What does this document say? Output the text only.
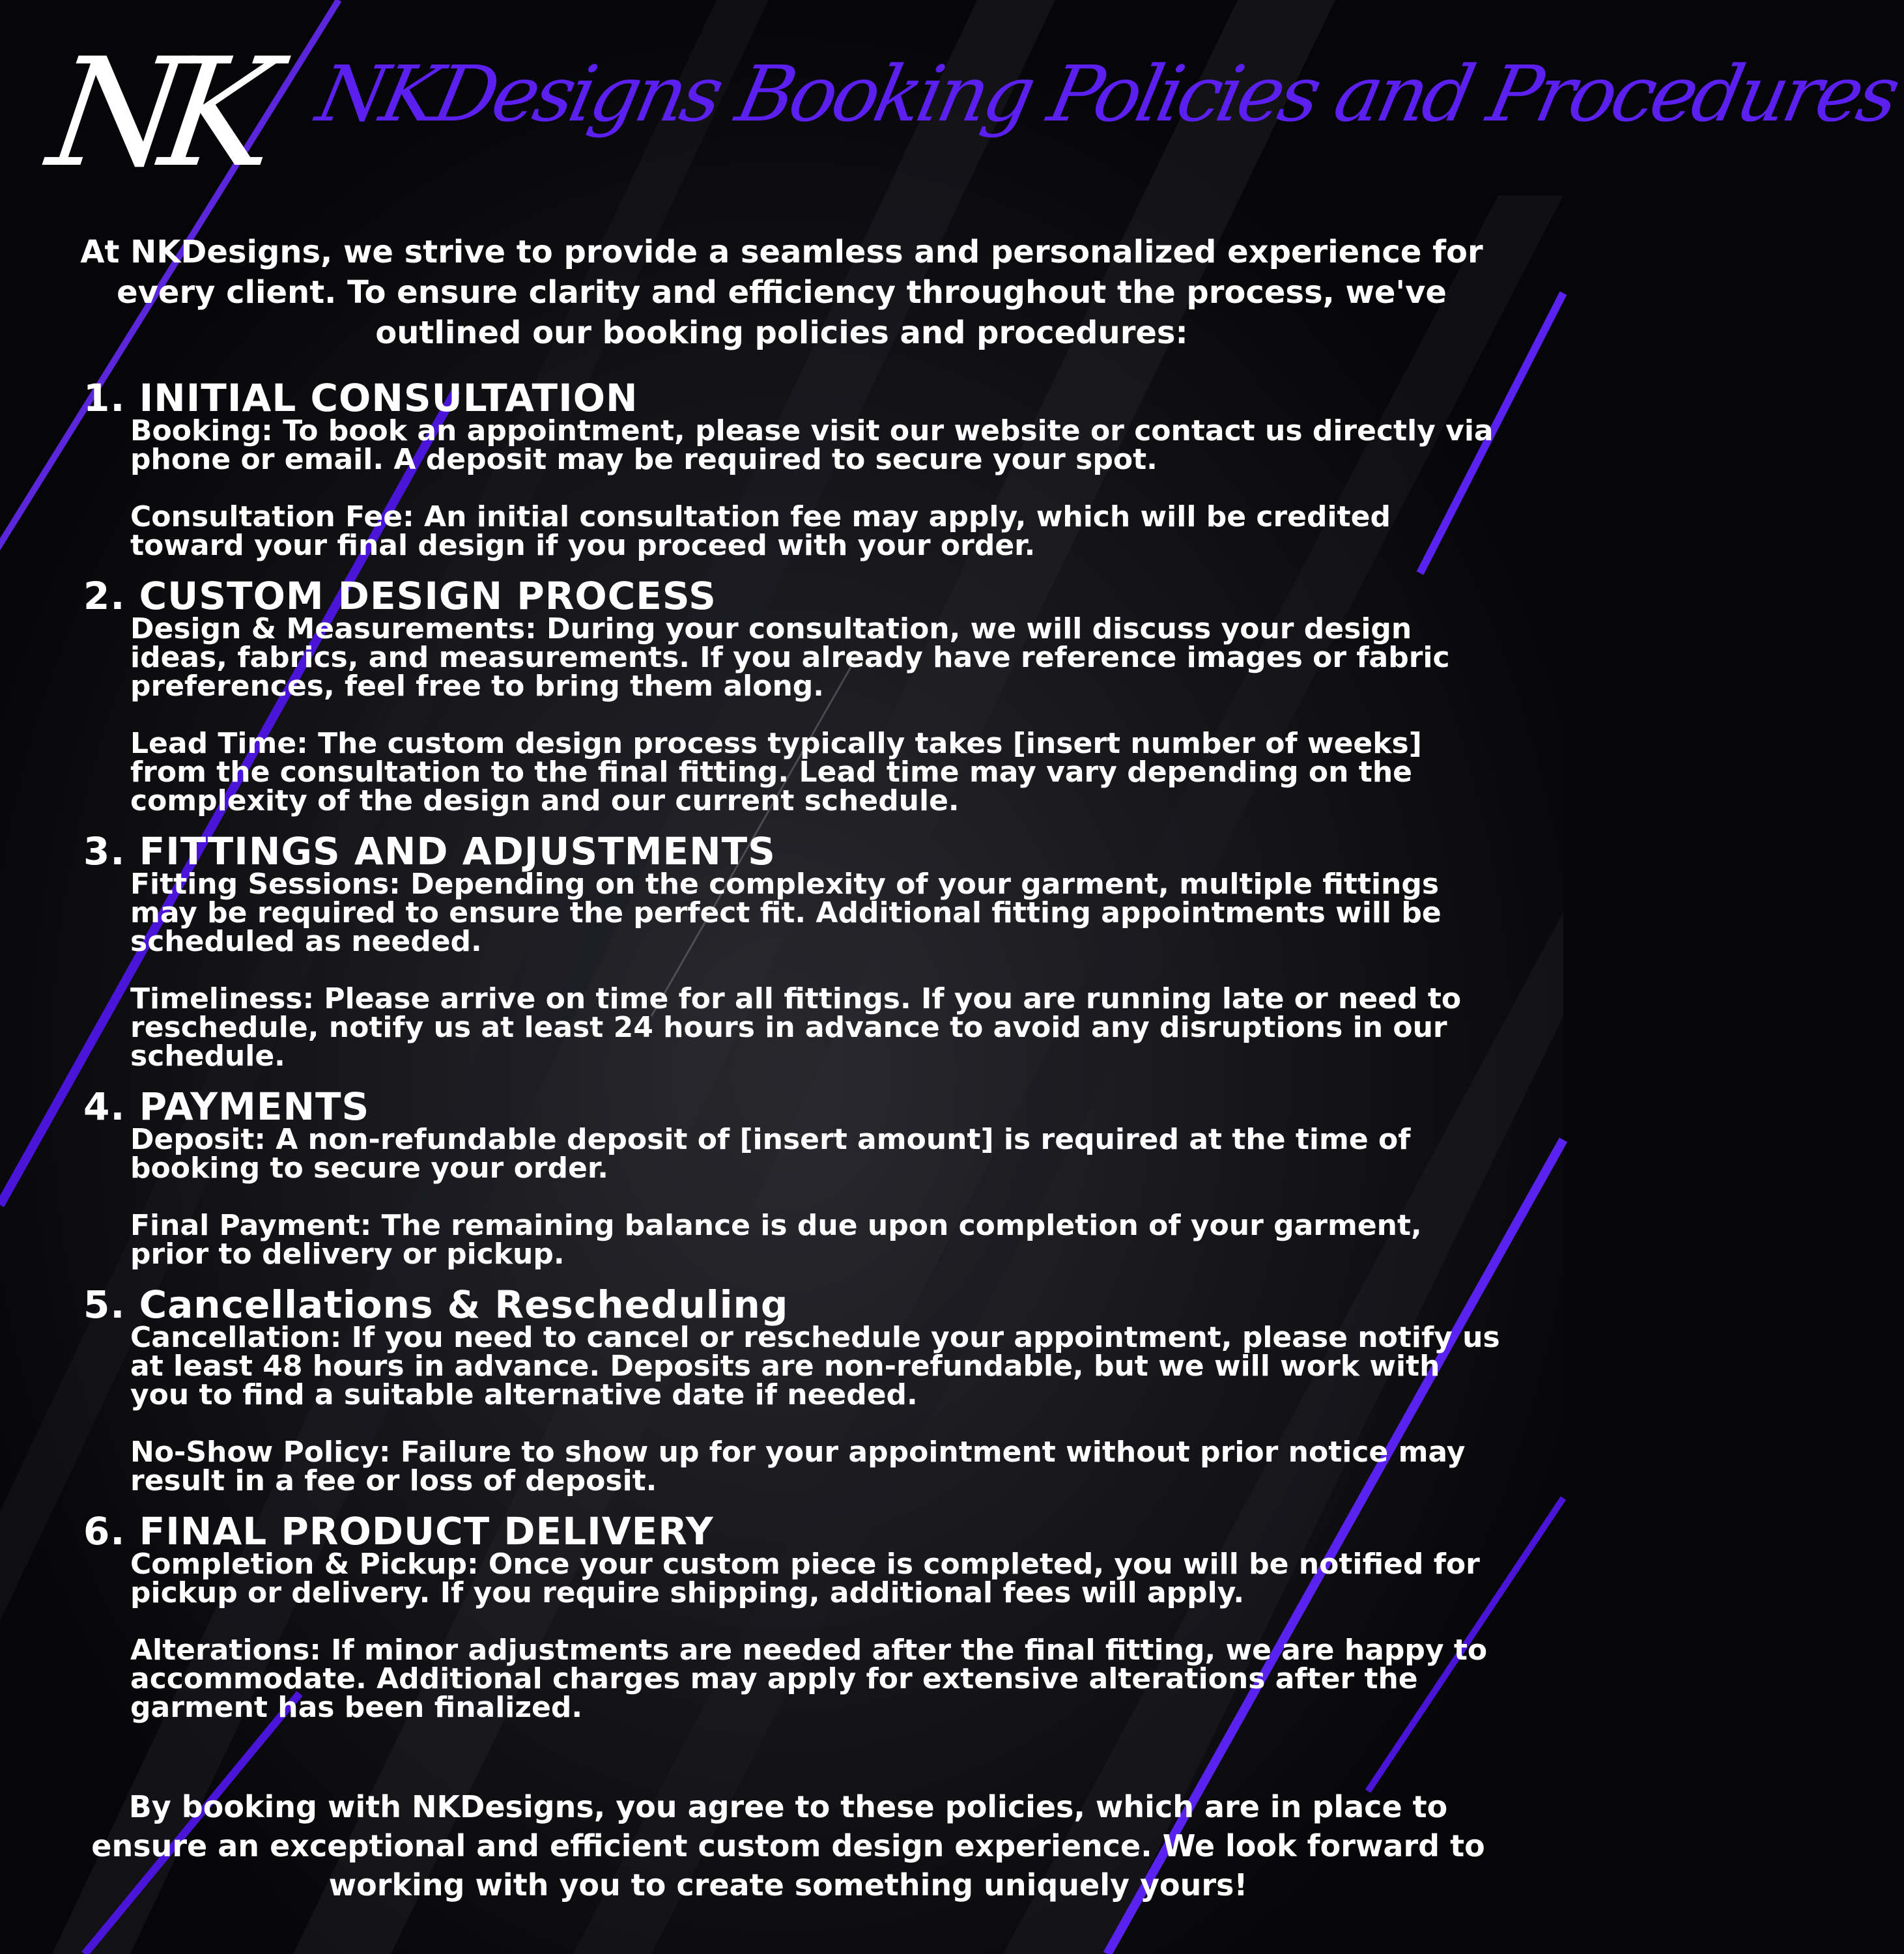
NK NKDesigns Booking Policies and Procedures
At NKDesigns, we strive to provide a seamless and personalized experience for every client. To ensure clarity and efficiency throughout the process, we've outlined our booking policies and procedures:
1. INITIAL CONSULTATION
Booking: To book an appointment, please visit our website or contact us directly via phone or email. A deposit may be required to secure your spot.
Consultation Fee: An initial consultation fee may apply, which will be credited toward your final design if you proceed with your order.
2. CUSTOM DESIGN PROCESS
Design & Measurements: During your consultation, we will discuss your design ideas, fabrics, and measurements. If you already have reference images or fabric preferences, feel free to bring them along.
Lead Time: The custom design process typically takes [insert number of weeks] from the consultation to the final fitting. Lead time may vary depending on the complexity of the design and our current schedule.
3. FITTINGS AND ADJUSTMENTS
Fitting Sessions: Depending on the complexity of your garment, multiple fittings may be required to ensure the perfect fit. Additional fitting appointments will be scheduled as needed.
Timeliness: Please arrive on time for all fittings. If you are running late or need to reschedule, notify us at least 24 hours in advance to avoid any disruptions in our schedule.
4. PAYMENTS
Deposit: A non-refundable deposit of [insert amount] is required at the time of booking to secure your order.
Final Payment: The remaining balance is due upon completion of your garment, prior to delivery or pickup.
5. Cancellations & Rescheduling
Cancellation: If you need to cancel or reschedule your appointment, please notify us at least 48 hours in advance. Deposits are non-refundable, but we will work with you to find a suitable alternative date if needed.
No-Show Policy: Failure to show up for your appointment without prior notice may result in a fee or loss of deposit.
6. FINAL PRODUCT DELIVERY
Completion & Pickup: Once your custom piece is completed, you will be notified for pickup or delivery. If you require shipping, additional fees will apply.
Alterations: If minor adjustments are needed after the final fitting, we are happy to accommodate. Additional charges may apply for extensive alterations after the garment has been finalized.
By booking with NKDesigns, you agree to these policies, which are in place to ensure an exceptional and efficient custom design experience. We look forward to working with you to create something uniquely yours!
